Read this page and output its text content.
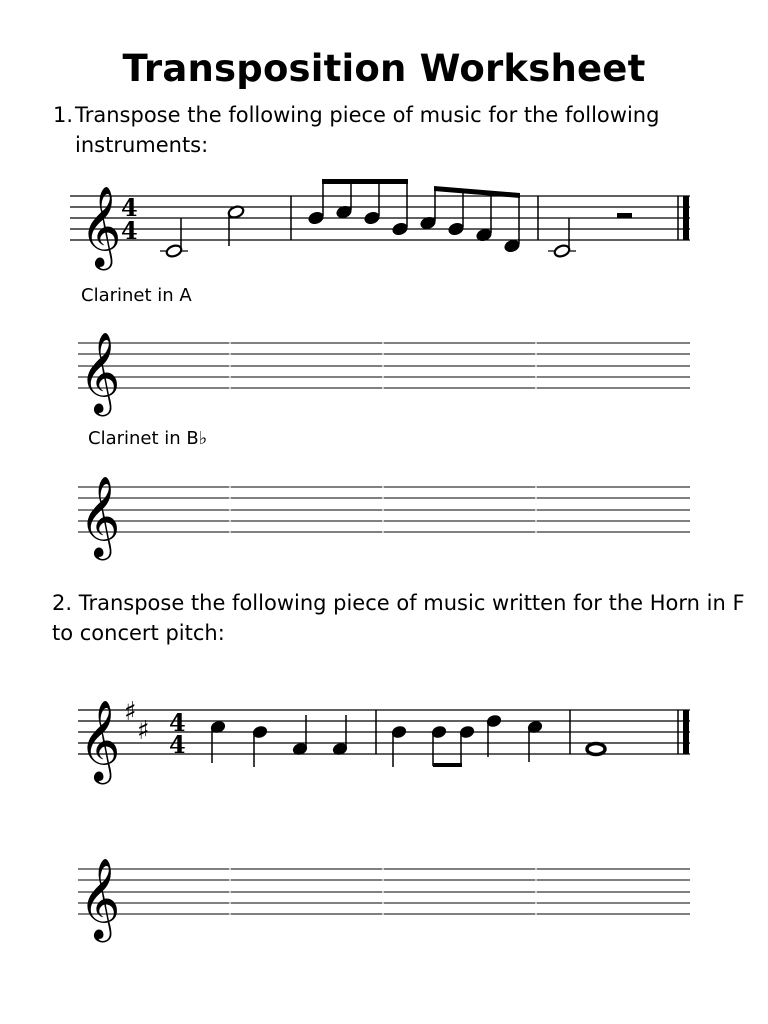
Transposition Worksheet
1. Transpose the following piece of music for the following instruments:
𝄞 4
4
Clarinet in A
𝄞
Clarinet in B♭
𝄞
2. Transpose the following piece of music written for the Horn in F to concert pitch:
𝄞 ♯
♯ 4
4
𝄞
